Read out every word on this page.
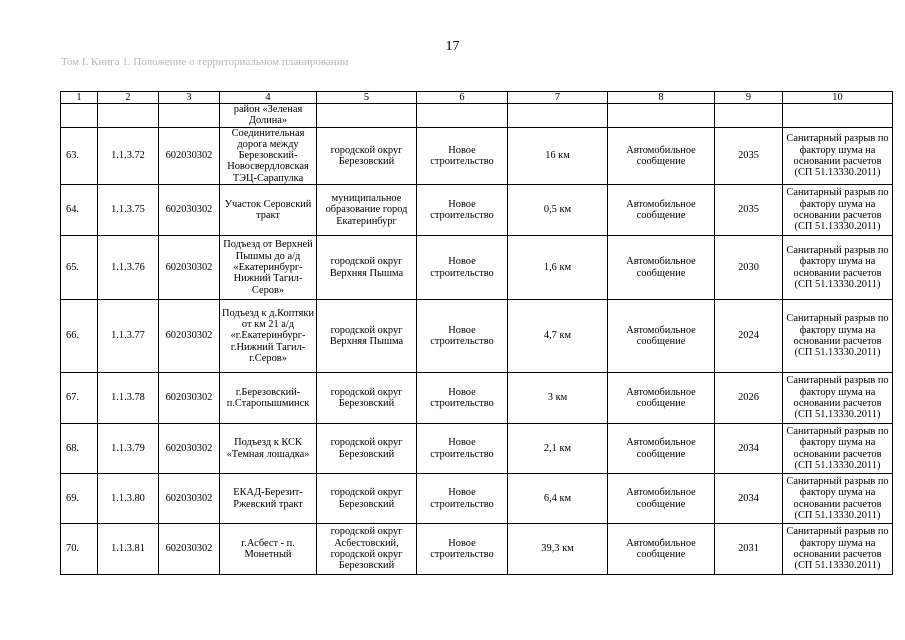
17
Том I. Книга 1. Положение о территориальном планировании
1	2	3	4	5	6	7	8	9	10
			район «Зеленая Долина»						
63.	1.1.3.72	602030302	Соединительная дорога между Березовский-Новосвердловская ТЭЦ-Сарапулка	городской округ Березовский	Новое строительство	16 км	Автомобильное сообщение	2035	Санитарный разрыв по фактору шума на основании расчетов (СП 51.13330.2011)
64.	1.1.3.75	602030302	Участок Серовский тракт	муниципальное образование город Екатеринбург	Новое строительство	0,5 км	Автомобильное сообщение	2035	Санитарный разрыв по фактору шума на основании расчетов (СП 51.13330.2011)
65.	1.1.3.76	602030302	Подъезд от Верхней Пышмы до а/д «Екатеринбург-Нижний Тагил-Серов»	городской округ Верхняя Пышма	Новое строительство	1,6 км	Автомобильное сообщение	2030	Санитарный разрыв по фактору шума на основании расчетов (СП 51.13330.2011)
66.	1.1.3.77	602030302	Подъезд к д.Коптяки от км 21 а/д «г.Екатеринбург-г.Нижний Тагил-г.Серов»	городской округ Верхняя Пышма	Новое строительство	4,7 км	Автомобильное сообщение	2024	Санитарный разрыв по фактору шума на основании расчетов (СП 51.13330.2011)
67.	1.1.3.78	602030302	г.Березовский-п.Старопышминск	городской округ Березовский	Новое строительство	3 км	Автомобильное сообщение	2026	Санитарный разрыв по фактору шума на основании расчетов (СП 51.13330.2011)
68.	1.1.3.79	602030302	Подъезд к КСК «Темная лошадка»	городской округ Березовский	Новое строительство	2,1 км	Автомобильное сообщение	2034	Санитарный разрыв по фактору шума на основании расчетов (СП 51.13330.2011)
69.	1.1.3.80	602030302	ЕКАД-Березит-Ржевский тракт	городской округ Березовский	Новое строительство	6,4 км	Автомобильное сообщение	2034	Санитарный разрыв по фактору шума на основании расчетов (СП 51.13330.2011)
70.	1.1.3.81	602030302	г.Асбест - п. Монетный	городской округ Асбестовский, городской округ Березовский	Новое строительство	39,3 км	Автомобильное сообщение	2031	Санитарный разрыв по фактору шума на основании расчетов (СП 51.13330.2011)
